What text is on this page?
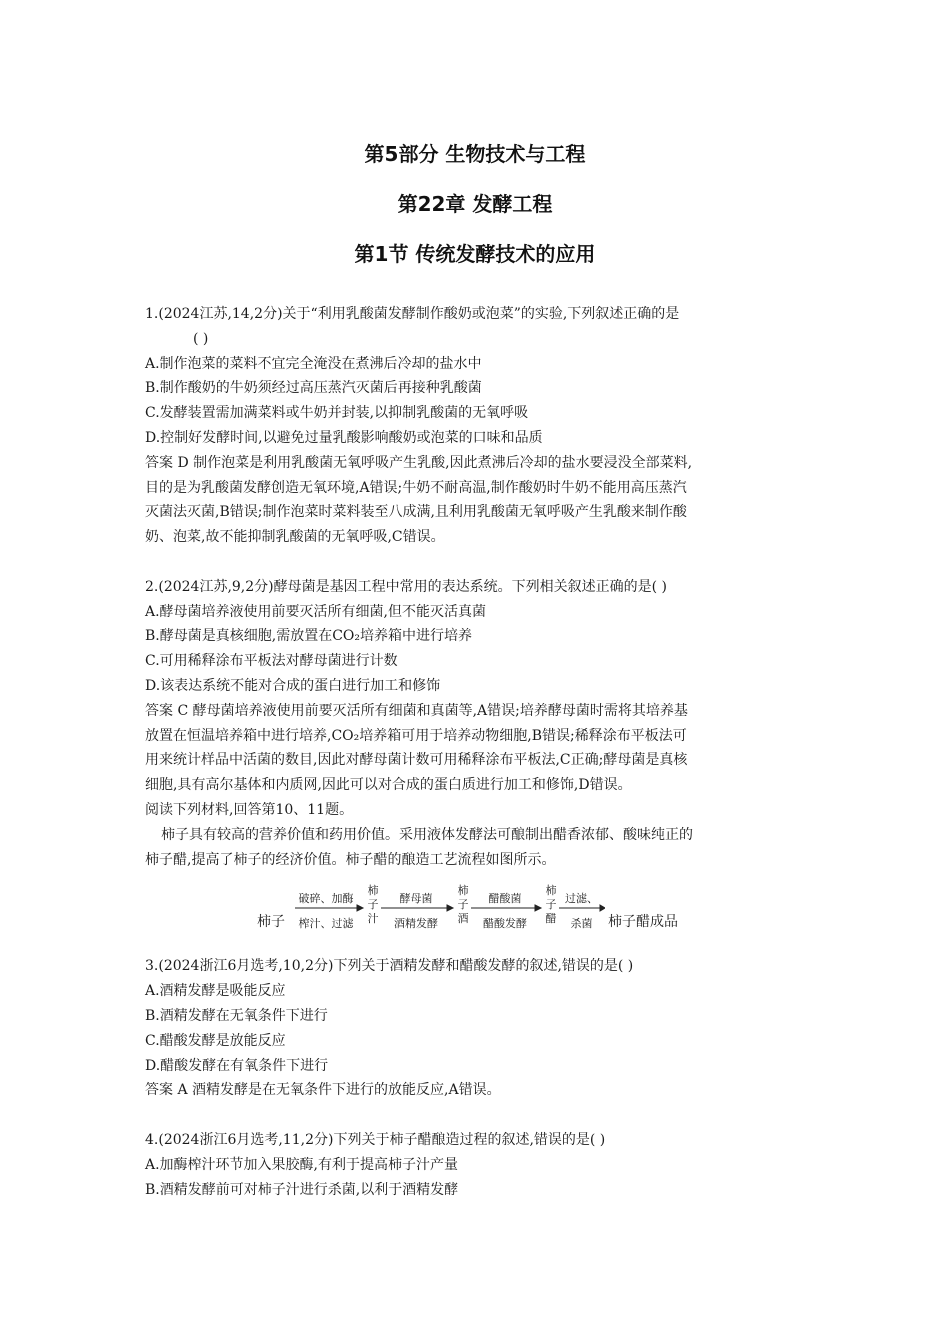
第5部分 生物技术与工程
第22章 发酵工程
第1节 传统发酵技术的应用
1.(2024江苏,14,2分)关于“利用乳酸菌发酵制作酸奶或泡菜”的实验,下列叙述正确的是
( )
A.制作泡菜的菜料不宜完全淹没在煮沸后冷却的盐水中
B.制作酸奶的牛奶须经过高压蒸汽灭菌后再接种乳酸菌
C.发酵装置需加满菜料或牛奶并封装,以抑制乳酸菌的无氧呼吸
D.控制好发酵时间,以避免过量乳酸影响酸奶或泡菜的口味和品质
答案 D 制作泡菜是利用乳酸菌无氧呼吸产生乳酸,因此煮沸后冷却的盐水要浸没全部菜料,
目的是为乳酸菌发酵创造无氧环境,A错误;牛奶不耐高温,制作酸奶时牛奶不能用高压蒸汽
灭菌法灭菌,B错误;制作泡菜时菜料装至八成满,且利用乳酸菌无氧呼吸产生乳酸来制作酸
奶、泡菜,故不能抑制乳酸菌的无氧呼吸,C错误。
2.(2024江苏,9,2分)酵母菌是基因工程中常用的表达系统。下列相关叙述正确的是( )
A.酵母菌培养液使用前要灭活所有细菌,但不能灭活真菌
B.酵母菌是真核细胞,需放置在CO₂培养箱中进行培养
C.可用稀释涂布平板法对酵母菌进行计数
D.该表达系统不能对合成的蛋白进行加工和修饰
答案 C 酵母菌培养液使用前要灭活所有细菌和真菌等,A错误;培养酵母菌时需将其培养基
放置在恒温培养箱中进行培养,CO₂培养箱可用于培养动物细胞,B错误;稀释涂布平板法可
用来统计样品中活菌的数目,因此对酵母菌计数可用稀释涂布平板法,C正确;酵母菌是真核
细胞,具有高尔基体和内质网,因此可以对合成的蛋白质进行加工和修饰,D错误。
阅读下列材料,回答第10、11题。
柿子具有较高的营养价值和药用价值。采用液体发酵法可酿制出醋香浓郁、酸味纯正的
柿子醋,提高了柿子的经济价值。柿子醋的酿造工艺流程如图所示。
柿子
破碎、加酶
榨汁、过滤
柿
子
汁
酵母菌
酒精发酵
柿
子
酒
醋酸菌
醋酸发酵
柿
子
醋
过滤、
杀菌	柿子醋成品
3.(2024浙江6月选考,10,2分)下列关于酒精发酵和醋酸发酵的叙述,错误的是( )
A.酒精发酵是吸能反应
B.酒精发酵在无氧条件下进行
C.醋酸发酵是放能反应
D.醋酸发酵在有氧条件下进行
答案 A 酒精发酵是在无氧条件下进行的放能反应,A错误。
4.(2024浙江6月选考,11,2分)下列关于柿子醋酿造过程的叙述,错误的是( )
A.加酶榨汁环节加入果胶酶,有利于提高柿子汁产量
B.酒精发酵前可对柿子汁进行杀菌,以利于酒精发酵
